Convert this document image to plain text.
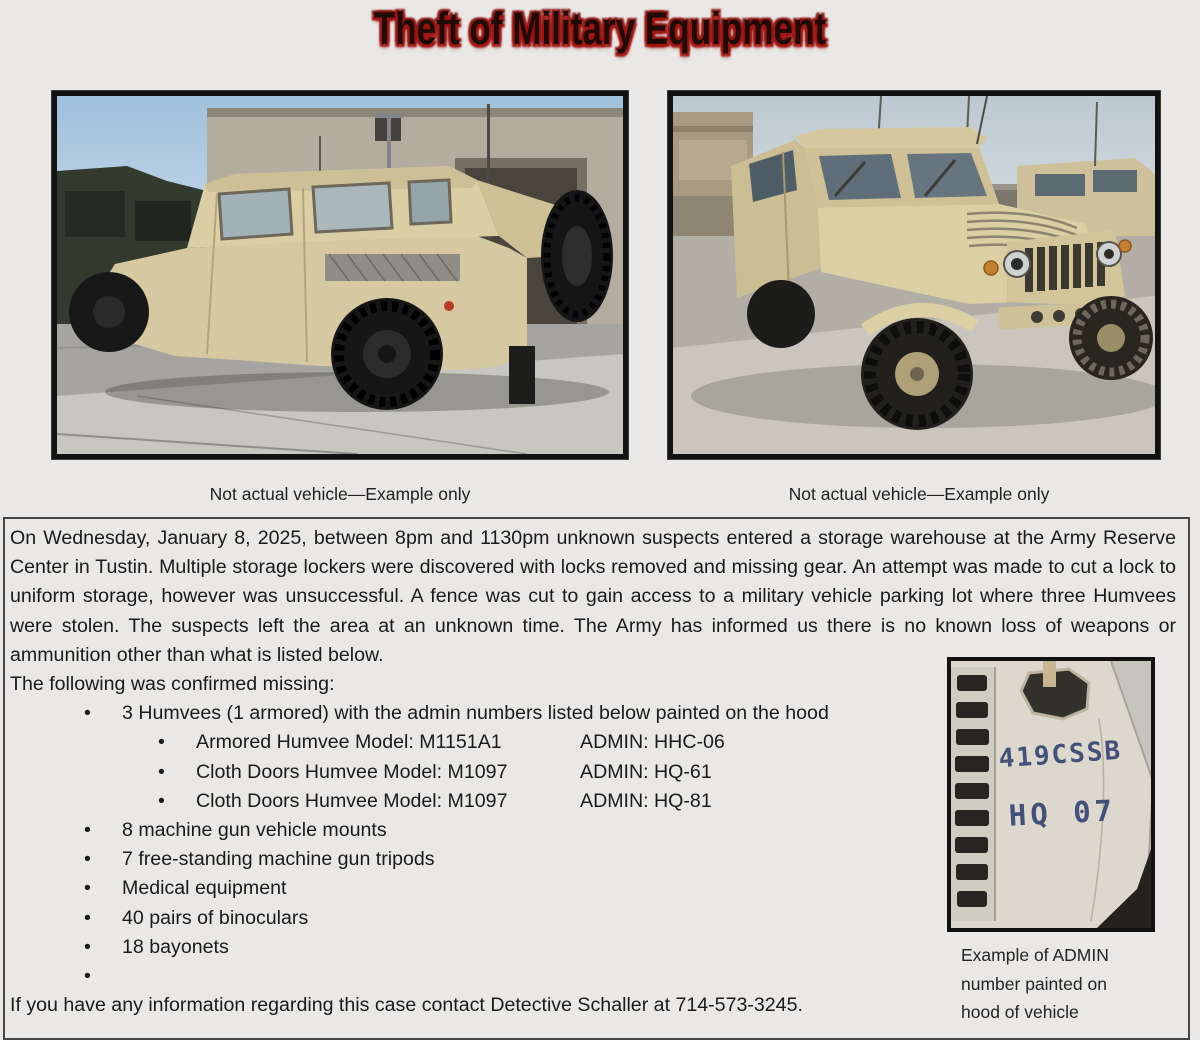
Theft of Military Equipment
Not actual vehicle—Example only	Not actual vehicle—Example only
419CSSB
HQ 07
Example of ADMIN
number painted on
hood of vehicle

On Wednesday, January 8, 2025, between 8pm and 1130pm unknown suspects entered a storage warehouse at the Army Reserve Center in Tustin. Multiple storage lockers were discovered with locks removed and missing gear. An attempt was made to cut a lock to uniform storage, however was unsuccessful. A fence was cut to gain access to a military vehicle parking lot where three Humvees were stolen. The suspects left the area at an unknown time. The Army has informed us there is no known loss of weapons or ammunition other than what is listed below.

The following was confirmed missing:
• 3 Humvees (1 armored) with the admin numbers listed below painted on the hood
• Armored Humvee Model: M1151A1	ADMIN: HHC-06
• Cloth Doors Humvee Model: M1097	ADMIN: HQ-61
• Cloth Doors Humvee Model: M1097	ADMIN: HQ-81
• 8 machine gun vehicle mounts
• 7 free-standing machine gun tripods
• Medical equipment
• 40 pairs of binoculars
• 18 bayonets
•
If you have any information regarding this case contact Detective Schaller at 714-573-3245.
